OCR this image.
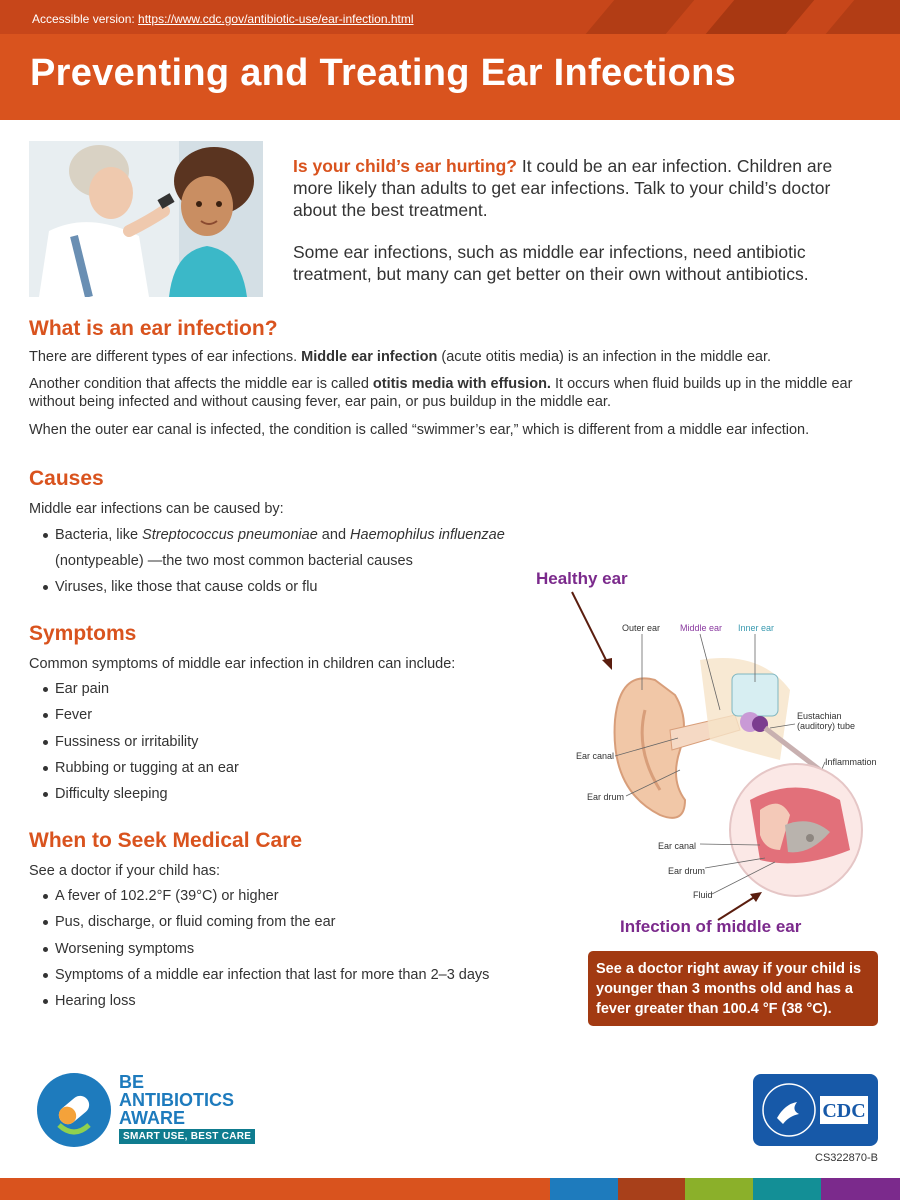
Accessible version: https://www.cdc.gov/antibiotic-use/ear-infection.html
Preventing and Treating Ear Infections

Is your child’s ear hurting? It could be an ear infection. Children are more likely than adults to get ear infections. Talk to your child’s doctor about the best treatment.

Some ear infections, such as middle ear infections, need antibiotic treatment, but many can get better on their own without antibiotics.

What is an ear infection?
There are different types of ear infections. Middle ear infection (acute otitis media) is an infection in the middle ear.
Another condition that affects the middle ear is called otitis media with effusion. It occurs when fluid builds up in the middle ear without being infected and without causing fever, ear pain, or pus buildup in the middle ear.
When the outer ear canal is infected, the condition is called “swimmer’s ear,” which is different from a middle ear infection.
Causes
Middle ear infections can be caused by:
Bacteria, like Streptococcus pneumoniae and Haemophilus influenzae
(nontypeable) —the two most common bacterial causes
Viruses, like those that cause colds or flu
Symptoms
Common symptoms of middle ear infection in children can include:
Ear pain
Fever
Fussiness or irritability
Rubbing or tugging at an ear
Difficulty sleeping
When to Seek Medical Care
See a doctor if your child has:
A fever of 102.2°F (39°C) or higher
Pus, discharge, or fluid coming from the ear
Worsening symptoms
Symptoms of a middle ear infection that last for more than 2–3 days
Hearing loss
Healthy ear
Infection of middle ear
Outer ear Middle ear Inner ear
Eustachian
(auditory) tube
Inflammation
Ear canal
Ear drum
Ear canal
Ear drum
Fluid
See a doctor right away if your child is younger than 3 months old and has a fever greater than 100.4 °F (38 °C).
BE
ANTIBIOTICS
AWARE
SMART USE, BEST CARE
CDC
CS322870-B
